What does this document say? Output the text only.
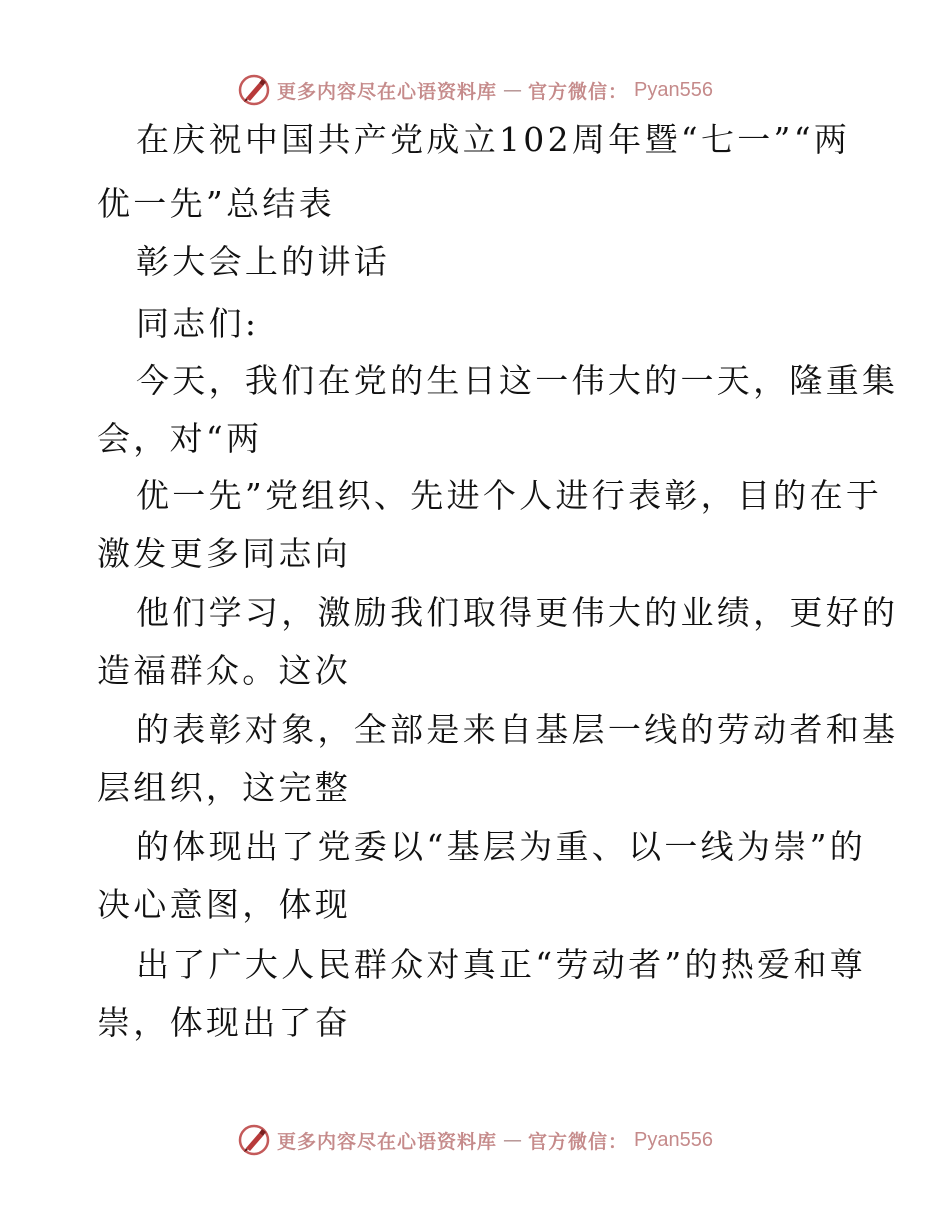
更多内容尽在心语资料库 — 官方微信： Pyan556
在庆祝中国共产党成立102周年暨“七一”“两
优一先”总结表
彰大会上的讲话
同志们:
今天，我们在党的生日这一伟大的一天，隆重集
会，对“两
优一先”党组织、先进个人进行表彰，目的在于
激发更多同志向
他们学习，激励我们取得更伟大的业绩，更好的
造福群众。这次
的表彰对象，全部是来自基层一线的劳动者和基
层组织，这完整
的体现出了党委以“基层为重、以一线为崇”的
决心意图，体现
出了广大人民群众对真正“劳动者”的热爱和尊
崇，体现出了奋
更多内容尽在心语资料库 — 官方微信： Pyan556
